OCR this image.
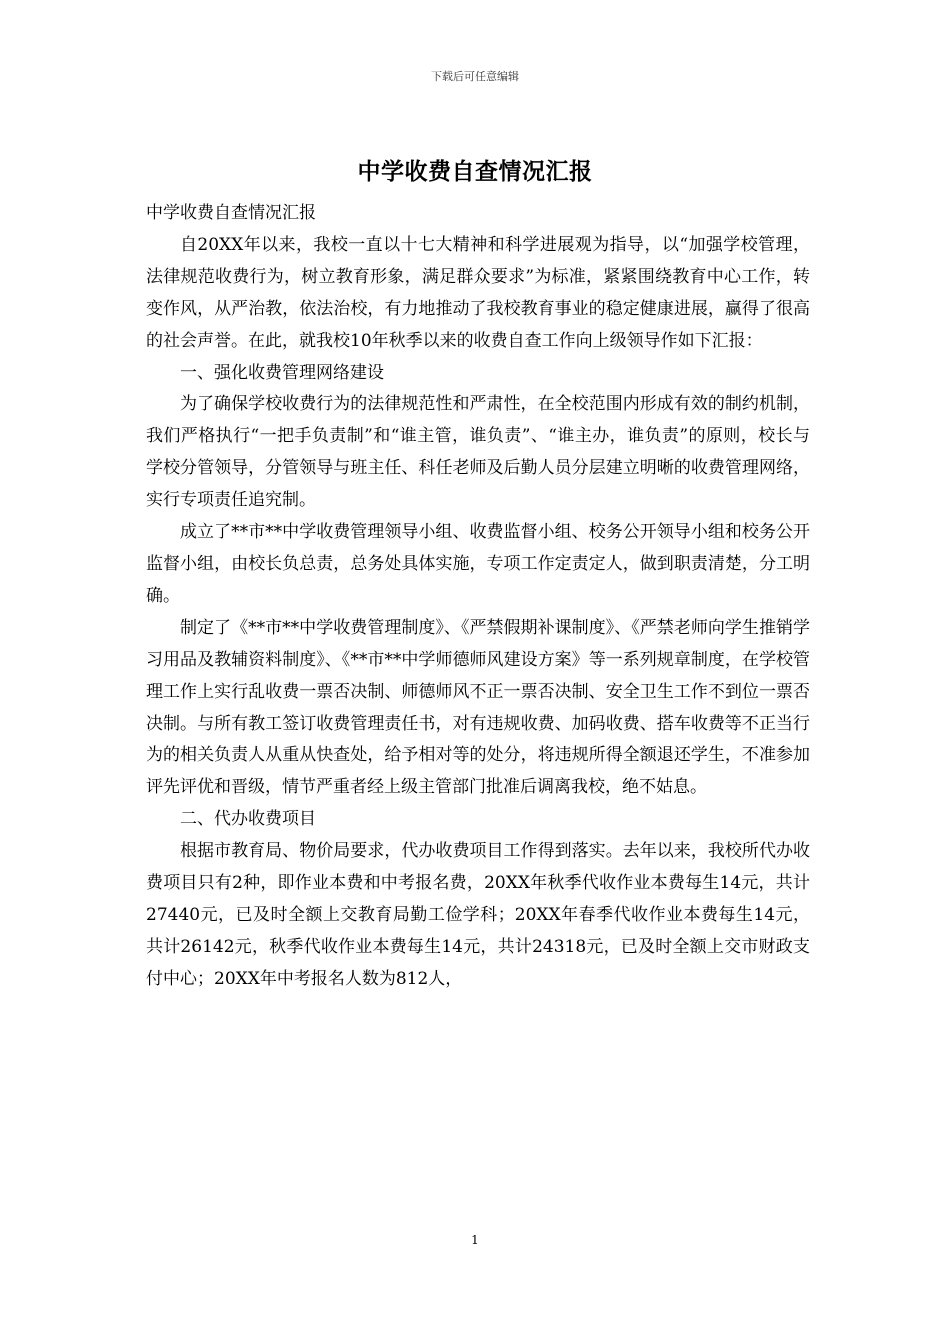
下载后可任意编辑
中学收费自查情况汇报

中学收费自查情况汇报

自20XX年以来，我校一直以十七大精神和科学进展观为指导，以“加强学校管理，法律规范收费行为，树立教育形象，满足群众要求”为标准，紧紧围绕教育中心工作，转变作风，从严治教，依法治校，有力地推动了我校教育事业的稳定健康进展，赢得了很高的社会声誉。在此，就我校10年秋季以来的收费自查工作向上级领导作如下汇报：

一、强化收费管理网络建设

为了确保学校收费行为的法律规范性和严肃性，在全校范围内形成有效的制约机制，我们严格执行“一把手负责制”和“谁主管，谁负责”、“谁主办，谁负责”的原则，校长与学校分管领导，分管领导与班主任、科任老师及后勤人员分层建立明晰的收费管理网络，实行专项责任追究制。

成立了**市**中学收费管理领导小组、收费监督小组、校务公开领导小组和校务公开监督小组，由校长负总责，总务处具体实施，专项工作定责定人，做到职责清楚，分工明确。

制定了《**市**中学收费管理制度》、《严禁假期补课制度》、《严禁老师向学生推销学习用品及教辅资料制度》、《**市**中学师德师风建设方案》等一系列规章制度，在学校管理工作上实行乱收费一票否决制、师德师风不正一票否决制、安全卫生工作不到位一票否决制。与所有教工签订收费管理责任书，对有违规收费、加码收费、搭车收费等不正当行为的相关负责人从重从快查处，给予相对等的处分，将违规所得全额退还学生，不准参加评先评优和晋级，情节严重者经上级主管部门批准后调离我校，绝不姑息。

二、代办收费项目

根据市教育局、物价局要求，代办收费项目工作得到落实。去年以来，我校所代办收费项目只有2种，即作业本费和中考报名费，20XX年秋季代收作业本费每生14元，共计27440元，已及时全额上交教育局勤工俭学科；20XX年春季代收作业本费每生14元，共计26142元，秋季代收作业本费每生14元，共计24318元，已及时全额上交市财政支付中心；20XX年中考报名人数为812人，

1
